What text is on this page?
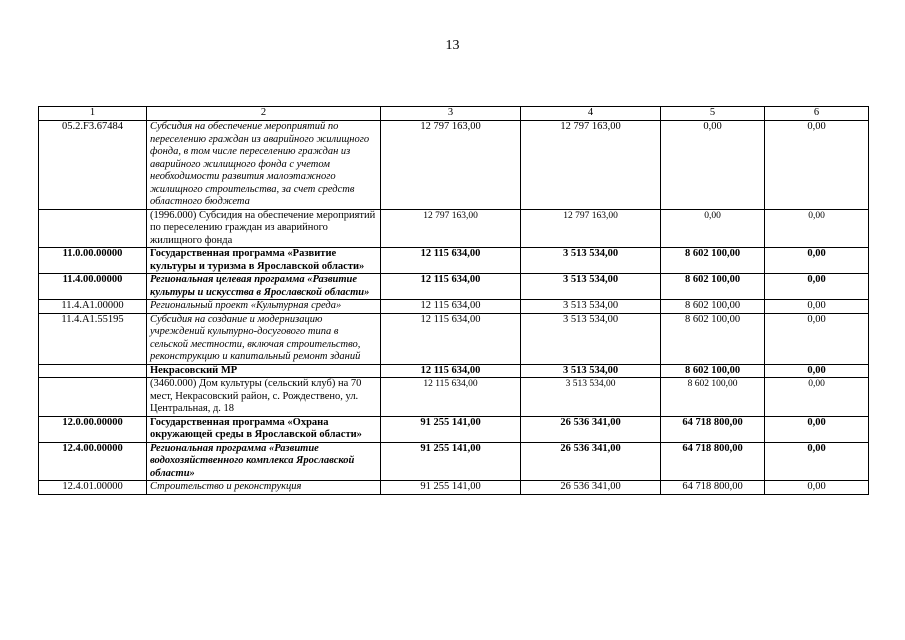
13
1	2	3	4	5	6
05.2.F3.67484	Субсидия на обеспечение мероприятий по переселению граждан из аварийного жилищного фонда, в том числе переселению граждан из аварийного жилищного фонда с учетом необходимости развития малоэтажного жилищного строительства, за счет средств областного бюджета	12 797 163,00	12 797 163,00	0,00	0,00
	(1996.000) Субсидия на обеспечение мероприятий по переселению граждан из аварийного жилищного фонда	12 797 163,00	12 797 163,00	0,00	0,00
11.0.00.00000	Государственная программа «Развитие культуры и туризма в Ярославской области»	12 115 634,00	3 513 534,00	8 602 100,00	0,00
11.4.00.00000	Региональная целевая программа «Развитие культуры и искусства в Ярославской области»	12 115 634,00	3 513 534,00	8 602 100,00	0,00
11.4.A1.00000	Региональный проект «Культурная среда»	12 115 634,00	3 513 534,00	8 602 100,00	0,00
11.4.A1.55195	Субсидия на создание и модернизацию учреждений культурно-досугового типа в сельской местности, включая строительство, реконструкцию и капитальный ремонт зданий	12 115 634,00	3 513 534,00	8 602 100,00	0,00
	Некрасовский МР	12 115 634,00	3 513 534,00	8 602 100,00	0,00
	(3460.000) Дом культуры (сельский клуб) на 70 мест, Некрасовский район, с. Рождествено, ул. Центральная, д. 18	12 115 634,00	3 513 534,00	8 602 100,00	0,00
12.0.00.00000	Государственная программа «Охрана окружающей среды в Ярославской области»	91 255 141,00	26 536 341,00	64 718 800,00	0,00
12.4.00.00000	Региональная программа «Развитие водохозяйственного комплекса Ярославской области»	91 255 141,00	26 536 341,00	64 718 800,00	0,00
12.4.01.00000	Строительство и реконструкция	91 255 141,00	26 536 341,00	64 718 800,00	0,00
